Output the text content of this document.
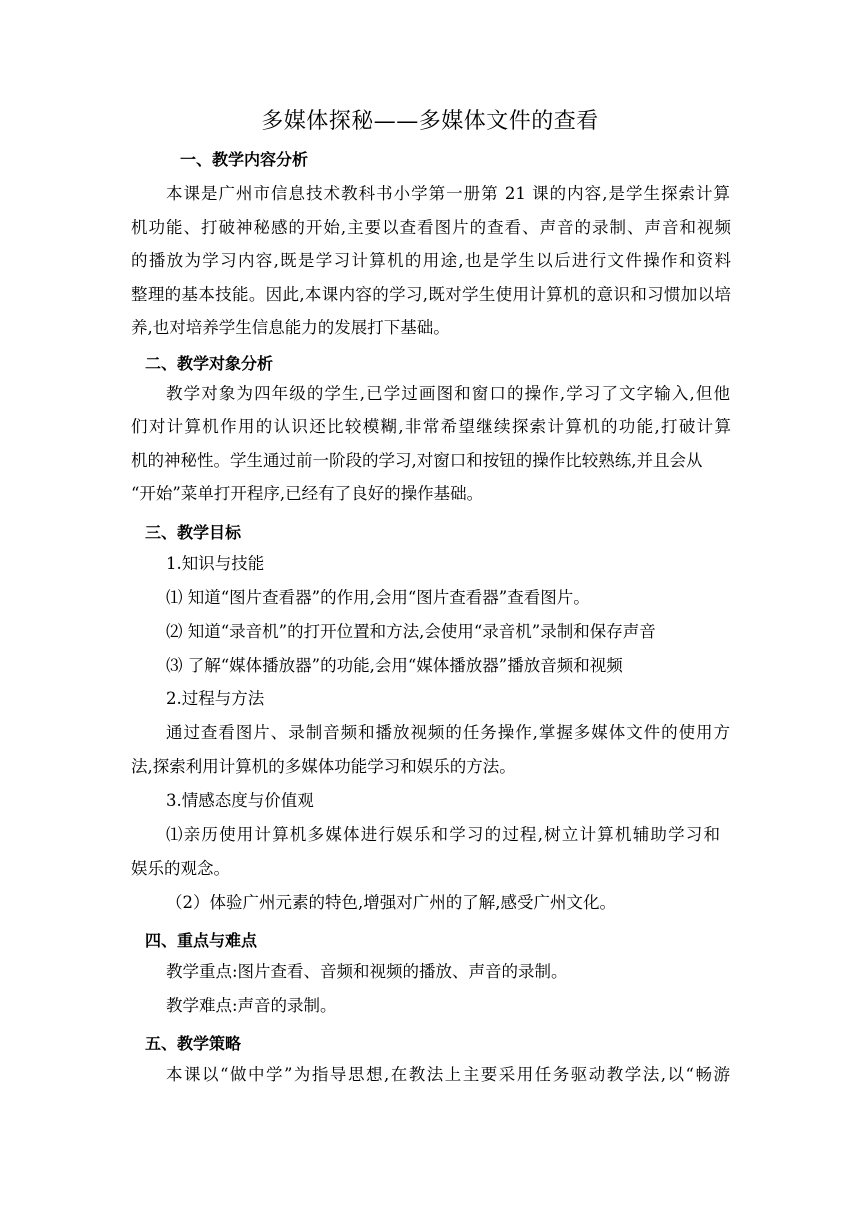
多媒体探秘——多媒体文件的查看
一、教学内容分析
本课是广州市信息技术教科书小学第一册第 21 课的内容,是学生探索计算
机功能、打破神秘感的开始,主要以查看图片的查看、声音的录制、声音和视频
的播放为学习内容,既是学习计算机的用途,也是学生以后进行文件操作和资料
整理的基本技能。因此,本课内容的学习,既对学生使用计算机的意识和习惯加以培
养,也对培养学生信息能力的发展打下基础。
二、教学对象分析
教学对象为四年级的学生,已学过画图和窗口的操作,学习了文字输入,但他
们对计算机作用的认识还比较模糊,非常希望继续探索计算机的功能,打破计算
机的神秘性。学生通过前一阶段的学习,对窗口和按钮的操作比较熟练,并且会从
“开始”菜单打开程序,已经有了良好的操作基础。
三、教学目标
1.知识与技能
⑴ 知道“图片查看器”的作用,会用“图片查看器”查看图片。
⑵ 知道“录音机”的打开位置和方法,会使用“录音机”录制和保存声音
⑶ 了解“媒体播放器”的功能,会用“媒体播放器”播放音频和视频
2.过程与方法
通过查看图片、录制音频和播放视频的任务操作,掌握多媒体文件的使用方
法,探索利用计算机的多媒体功能学习和娱乐的方法。
3.情感态度与价值观
⑴亲历使用计算机多媒体进行娱乐和学习的过程,树立计算机辅助学习和
娱乐的观念。
（2）体验广州元素的特色,增强对广州的了解,感受广州文化。
四、重点与难点
教学重点:图片查看、音频和视频的播放、声音的录制。
教学难点:声音的录制。
五、教学策略
本课以“做中学”为指导思想,在教法上主要采用任务驱动教学法,以“畅游
